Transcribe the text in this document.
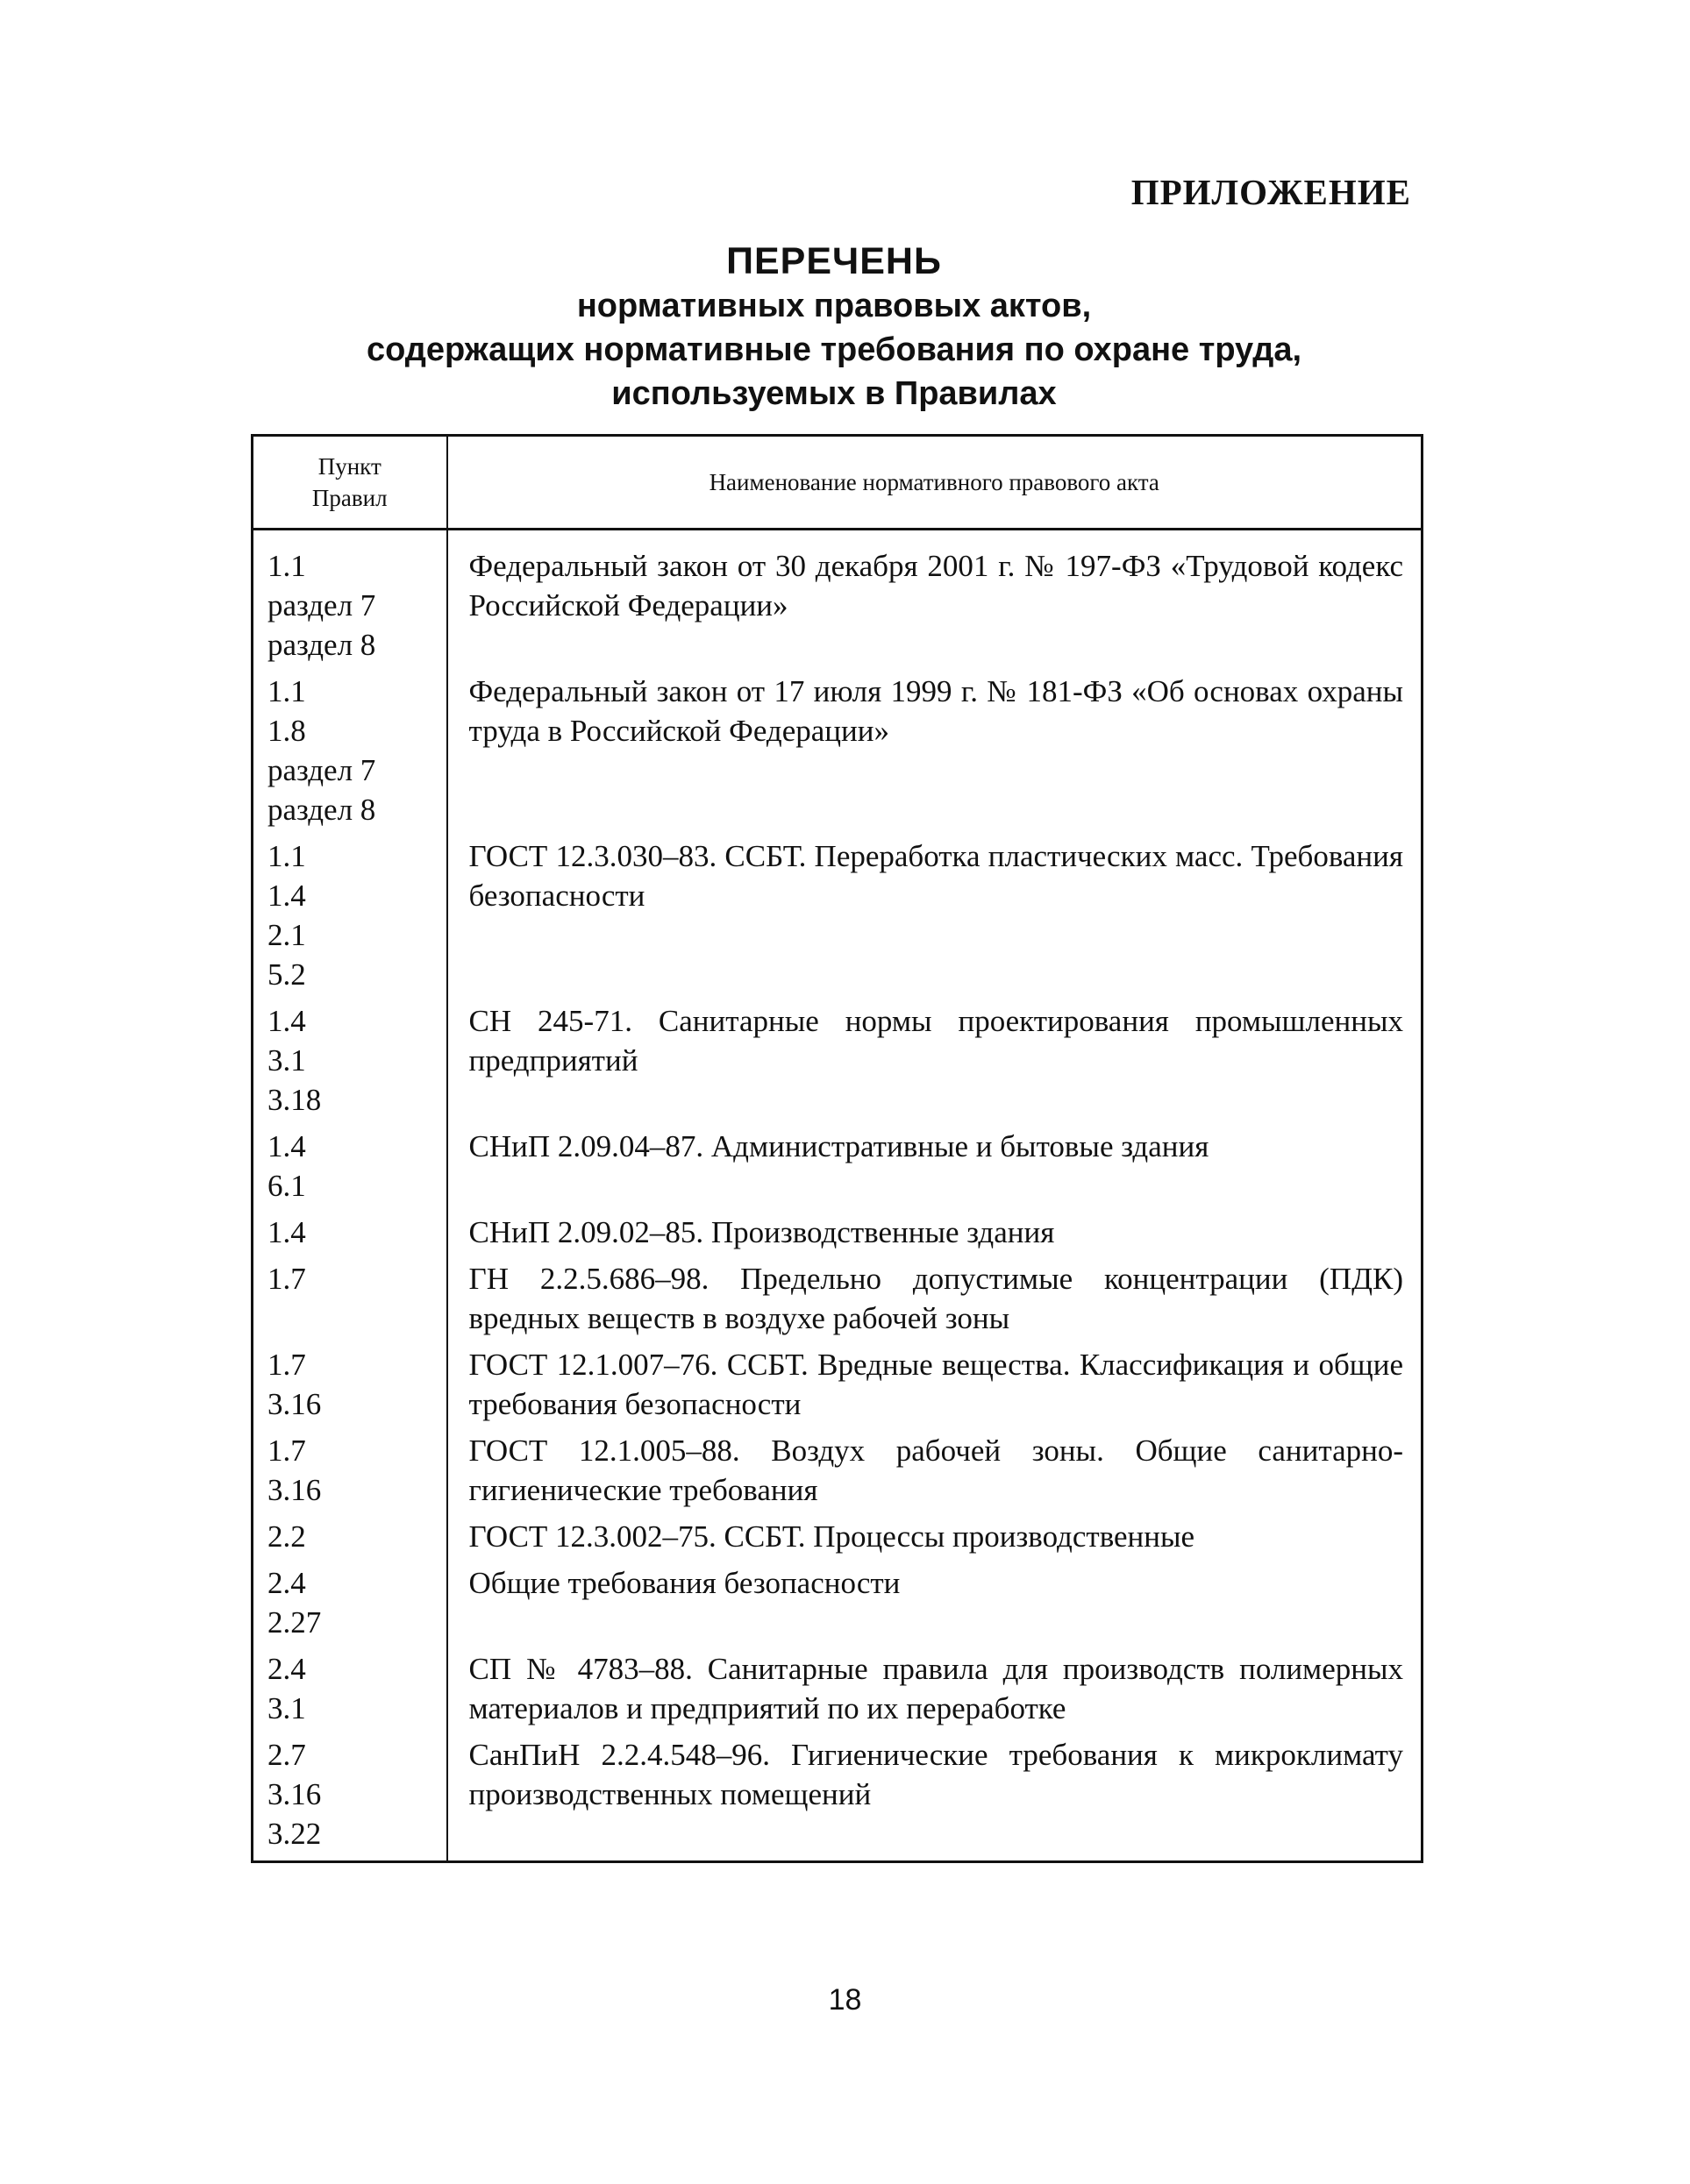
ПРИЛОЖЕНИЕ

ПЕРЕЧЕНЬ

нормативных правовых актов,

содержащих нормативные требования по охране труда,

используемых в Правилах

Пункт
Правил	Наименование нормативного правового акта

1.1
раздел 7
раздел 8	Федеральный закон от 30 декабря 2001 г. № 197-ФЗ «Трудовой кодекс Российской Федерации»

1.1
1.8
раздел 7
раздел 8	Федеральный закон от 17 июля 1999 г. № 181-ФЗ «Об основах охраны труда в Российской Федерации»

1.1
1.4
2.1
5.2	ГОСТ 12.3.030–83. ССБТ. Переработка пластических масс. Требования безопасности

1.4
3.1
3.18	СН 245-71. Санитарные нормы проектирования промышленных предприятий

1.4
6.1	СНиП 2.09.04–87. Административные и бытовые здания

1.4	СНиП 2.09.02–85. Производственные здания

1.7	ГН 2.2.5.686–98. Предельно допустимые концентрации (ПДК) вредных веществ в воздухе рабочей зоны

1.7
3.16	ГОСТ 12.1.007–76. ССБТ. Вредные вещества. Классификация и общие требования безопасности

1.7
3.16	ГОСТ 12.1.005–88. Воздух рабочей зоны. Общие санитарно-гигиенические требования

2.2	ГОСТ 12.3.002–75. ССБТ. Процессы производственные

2.4
2.27	Общие требования безопасности

2.4
3.1	СП № 4783–88. Санитарные правила для производств полимерных материалов и предприятий по их переработке

2.7
3.16
3.22	СанПиН 2.2.4.548–96. Гигиенические требования к микроклимату производственных помещений

18
